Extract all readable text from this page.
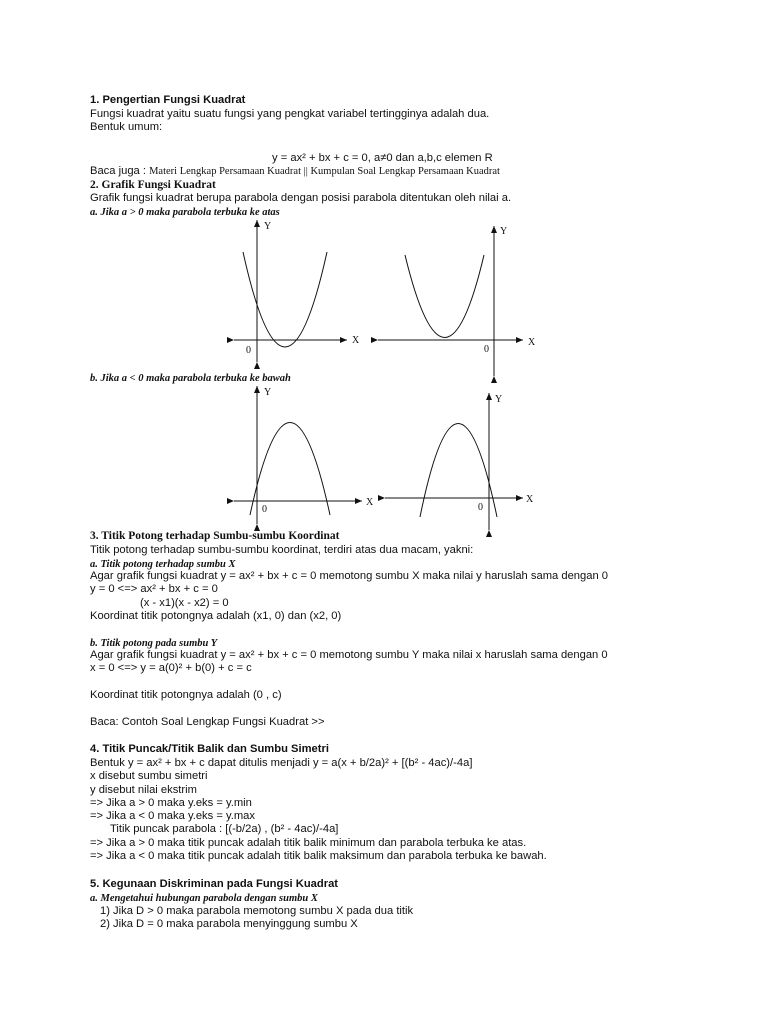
1. Pengertian Fungsi Kuadrat
Fungsi kuadrat yaitu suatu fungsi yang pengkat variabel tertingginya adalah dua.
Bentuk umum:
y = ax² + bx + c = 0, a≠0 dan a,b,c elemen R
Baca juga : Materi Lengkap Persamaan Kuadrat || Kumpulan Soal Lengkap Persamaan Kuadrat
2. Grafik Fungsi Kuadrat
Grafik fungsi kuadrat berupa parabola dengan posisi parabola ditentukan oleh nilai a.
a. Jika a > 0 maka parabola terbuka ke atas
b. Jika a < 0 maka parabola terbuka ke bawah
Y
X
0
Y
X
0
Y
X
0
Y
X
0
3. Titik Potong terhadap Sumbu-sumbu Koordinat
Titik potong terhadap sumbu-sumbu koordinat, terdiri atas dua macam, yakni:
a. Titik potong terhadap sumbu X
Agar grafik fungsi kuadrat y = ax² + bx + c = 0 memotong sumbu X maka nilai y haruslah sama dengan 0
y = 0 <=> ax² + bx + c = 0
(x - x1)(x - x2) = 0
Koordinat titik potongnya adalah (x1, 0) dan (x2, 0)
b. Titik potong pada sumbu Y
Agar grafik fungsi kuadrat y = ax² + bx + c = 0 memotong sumbu Y maka nilai x haruslah sama dengan 0
x = 0 <=> y = a(0)² + b(0) + c = c
Koordinat titik potongnya adalah (0 , c)
Baca: Contoh Soal Lengkap Fungsi Kuadrat >>
4. Titik Puncak/Titik Balik dan Sumbu Simetri
Bentuk y = ax² + bx + c dapat ditulis menjadi y = a(x + b/2a)² + [(b² - 4ac)/-4a]
x disebut sumbu simetri
y disebut nilai ekstrim
=> Jika a > 0 maka y.eks = y.min
=> Jika a < 0 maka y.eks = y.max
Titik puncak parabola : [(-b/2a) , (b² - 4ac)/-4a]
=> Jika a > 0 maka titik puncak adalah titik balik minimum dan parabola terbuka ke atas.
=> Jika a < 0 maka titik puncak adalah titik balik maksimum dan parabola terbuka ke bawah.
5. Kegunaan Diskriminan pada Fungsi Kuadrat
a. Mengetahui hubungan parabola dengan sumbu X
1) Jika D > 0 maka parabola memotong sumbu X pada dua titik
2) Jika D = 0 maka parabola menyinggung sumbu X
